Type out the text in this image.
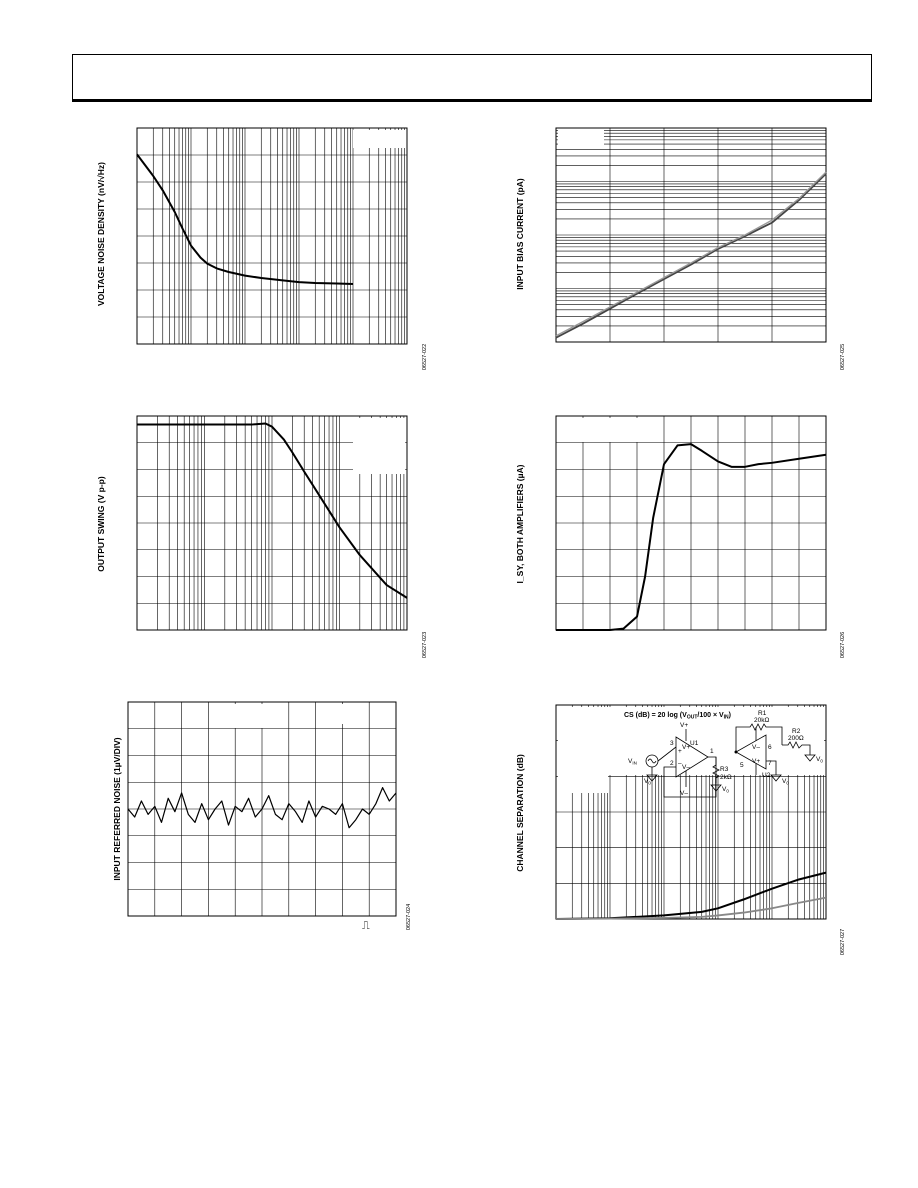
VOLTAGE NOISE DENSITY (nV/√Hz)
06527-022
INPUT BIAS CURRENT (pA)
06527-025
OUTPUT SWING (V p-p)
06527-023
I_SY, BOTH AMPLIFIERS (µA)
06527-026
INPUT REFERRED NOISE (1µV/DIV)
06527-024
⎍
CHANNEL SEPARATION (dB)
06527-027
CS (dB) = 20 $\log (V_{OUT}/100 \times V_{IN})$
V+
V–
U1
3
2
1
+
–
V+
V–
$V_{IN}$
$V_0$
R3
2kΩ
$V_0$
V–
V+
U2
5
6
7
R1
20kΩ
R2
200Ω
$V_0$
$V_0$
